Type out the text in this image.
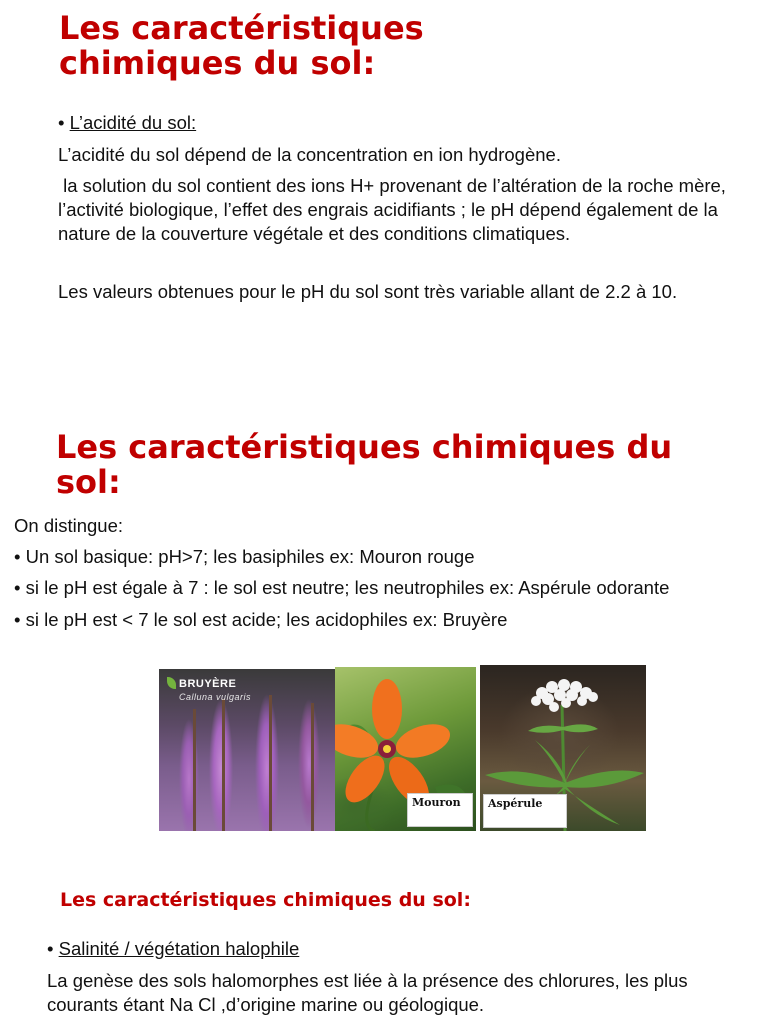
Les caractéristiques chimiques du sol:

• L’acidité du sol:

L’acidité du sol dépend de la concentration en ion hydrogène.

la solution du sol contient des ions H+ provenant de l’altération de la roche mère, l’activité biologique, l’effet des engrais acidifiants ; le pH dépend également de la nature de la couverture végétale et des conditions climatiques.

Les valeurs obtenues pour le pH du sol sont très variable allant de 2.2 à 10.

Les caractéristiques chimiques du sol:

On distingue:

• Un sol basique: pH>7; les basiphiles ex: Mouron rouge

• si le pH est égale à 7 : le sol est neutre; les neutrophiles ex: Aspérule odorante

• si le pH est < 7 le sol est acide; les acidophiles ex: Bruyère

BRUYÈRE
Calluna vulgaris
Mouron	Aspérule
Les caractéristiques chimiques du sol:

• Salinité / végétation halophile

La genèse des sols halomorphes est liée à la présence des chlorures, les plus courants étant Na Cl ,d’origine marine ou géologique.
